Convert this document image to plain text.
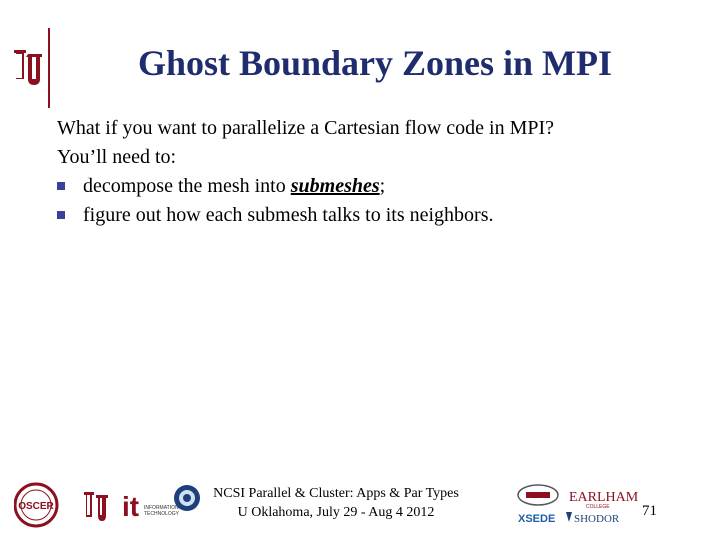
Ghost Boundary Zones in MPI
What if you want to parallelize a Cartesian flow code in MPI?
You’ll need to:
decompose the mesh into submeshes;
figure out how each submesh talks to its neighbors.
OSCER it INFORMATION
TECHNOLOGY
NCSI Parallel & Cluster: Apps & Par Types
U Oklahoma, July 29 - Aug 4 2012
EARLHAM
COLLEGE
XSEDE SHODOR 71
